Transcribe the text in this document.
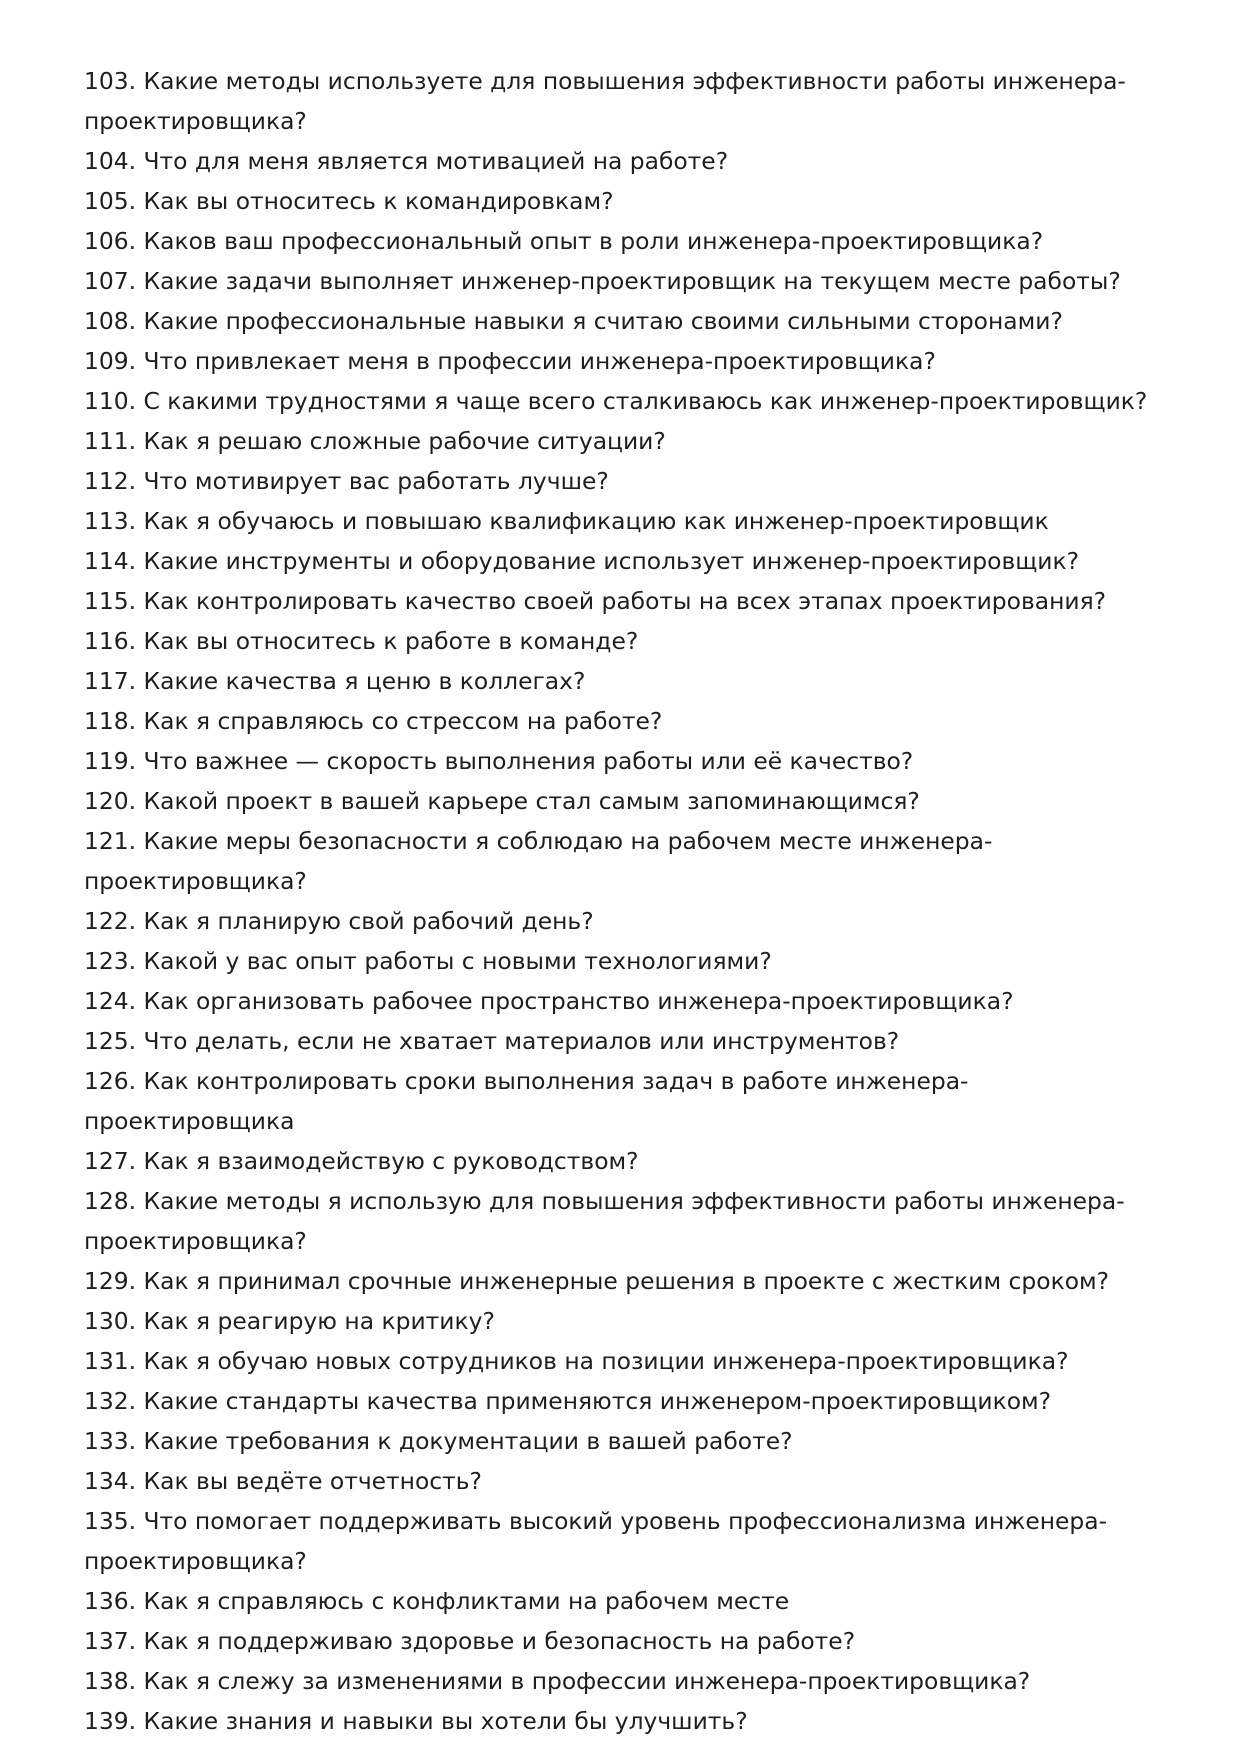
103. Какие методы используете для повышения эффективности работы инженера-проектировщика?
104. Что для меня является мотивацией на работе?
105. Как вы относитесь к командировкам?
106. Каков ваш профессиональный опыт в роли инженера-проектировщика?
107. Какие задачи выполняет инженер-проектировщик на текущем месте работы?
108. Какие профессиональные навыки я считаю своими сильными сторонами?
109. Что привлекает меня в профессии инженера-проектировщика?
110. С какими трудностями я чаще всего сталкиваюсь как инженер-проектировщик?
111. Как я решаю сложные рабочие ситуации?
112. Что мотивирует вас работать лучше?
113. Как я обучаюсь и повышаю квалификацию как инженер-проектировщик
114. Какие инструменты и оборудование использует инженер-проектировщик?
115. Как контролировать качество своей работы на всех этапах проектирования?
116. Как вы относитесь к работе в команде?
117. Какие качества я ценю в коллегах?
118. Как я справляюсь со стрессом на работе?
119. Что важнее — скорость выполнения работы или её качество?
120. Какой проект в вашей карьере стал самым запоминающимся?
121. Какие меры безопасности я соблюдаю на рабочем месте инженера-проектировщика?
122. Как я планирую свой рабочий день?
123. Какой у вас опыт работы с новыми технологиями?
124. Как организовать рабочее пространство инженера-проектировщика?
125. Что делать, если не хватает материалов или инструментов?
126. Как контролировать сроки выполнения задач в работе инженера-проектировщика
127. Как я взаимодействую с руководством?
128. Какие методы я использую для повышения эффективности работы инженера-проектировщика?
129. Как я принимал срочные инженерные решения в проекте с жестким сроком?
130. Как я реагирую на критику?
131. Как я обучаю новых сотрудников на позиции инженера-проектировщика?
132. Какие стандарты качества применяются инженером-проектировщиком?
133. Какие требования к документации в вашей работе?
134. Как вы ведёте отчетность?
135. Что помогает поддерживать высокий уровень профессионализма инженера-проектировщика?
136. Как я справляюсь с конфликтами на рабочем месте
137. Как я поддерживаю здоровье и безопасность на работе?
138. Как я слежу за изменениями в профессии инженера-проектировщика?
139. Какие знания и навыки вы хотели бы улучшить?
